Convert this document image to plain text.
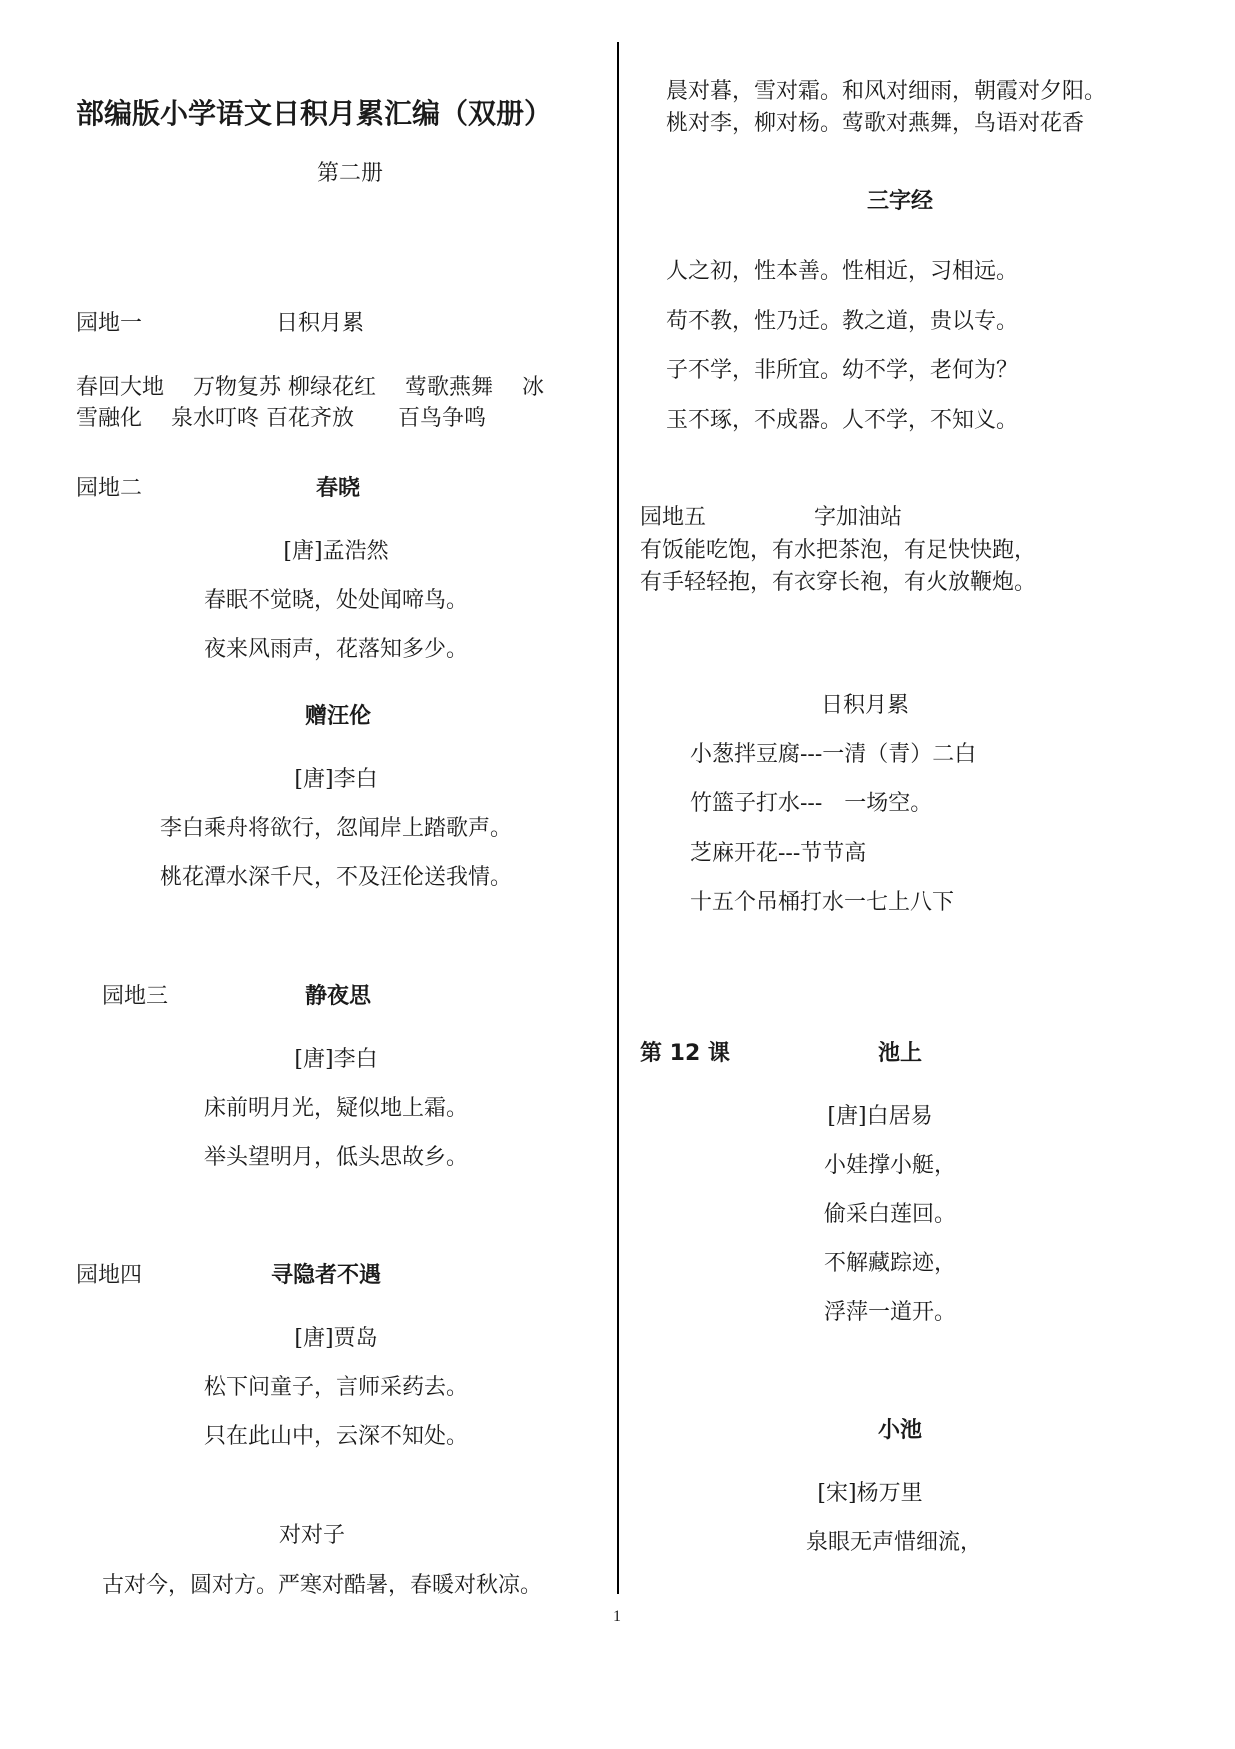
部编版小学语文日积月累汇编（双册）
第二册
园地一	日积月累
春回大地　 万物复苏 柳绿花红　 莺歌燕舞　 冰
雪融化　 泉水叮咚 百花齐放　　百鸟争鸣
园地二	春晓
[唐]孟浩然
春眠不觉晓，处处闻啼鸟。
夜来风雨声，花落知多少。
赠汪伦
[唐]李白
李白乘舟将欲行，忽闻岸上踏歌声。
桃花潭水深千尺，不及汪伦送我情。
园地三	静夜思
[唐]李白
床前明月光，疑似地上霜。
举头望明月，低头思故乡。
园地四	寻隐者不遇
[唐]贾岛
松下问童子，言师采药去。
只在此山中，云深不知处。
对对子
古对今，圆对方。严寒对酷暑，春暖对秋凉。
晨对暮，雪对霜。和风对细雨，朝霞对夕阳。
桃对李，柳对杨。莺歌对燕舞，鸟语对花香
三字经
人之初，性本善。性相近，习相远。
苟不教，性乃迁。教之道，贵以专。
子不学，非所宜。幼不学，老何为？
玉不琢，不成器。人不学，不知义。
园地五	字加油站
有饭能吃饱，有水把茶泡，有足快快跑，
有手轻轻抱，有衣穿长袍，有火放鞭炮。
日积月累
小葱拌豆腐---一清（青）二白
竹篮子打水---　一场空。
芝麻开花---节节高
十五个吊桶打水一七上八下
第 12 课	池上
[唐]白居易
小娃撑小艇，
偷采白莲回。
不解藏踪迹，
浮萍一道开。
小池
[宋]杨万里
泉眼无声惜细流，
1
